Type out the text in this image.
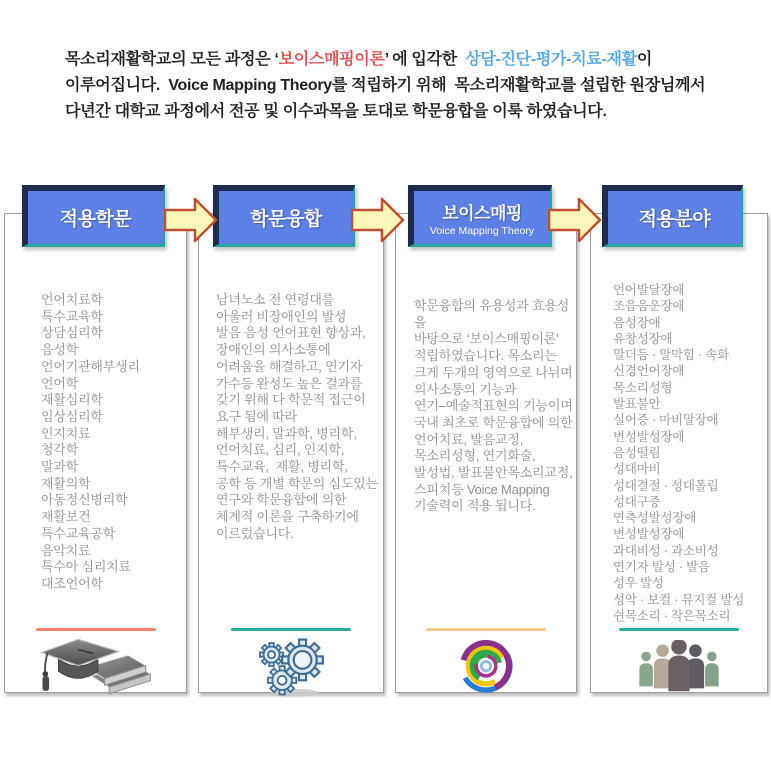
목소리재활학교의 모든 과정은 ‘보이스매핑이론’ 에 입각한  상담-진단-평가-치료-재활이
이루어집니다.  Voice Mapping Theory를 적립하기 위해  목소리재활학교를 설립한 원장님께서
다년간 대학교 과정에서 전공 및 이수과목을 토대로 학문융합을 이룩 하였습니다.
언어치료학
특수교육학
상담심리학
음성학
언어기관해부생리
언어학
재활심리학
임상심리학
인지치료
청각학
말과학
재활의학
아동정신병리학
재활보건
특수교육공학
음악치료
특수아 심리치료
대조언어학
남녀노소 전 연령대를
아울러 비장애인의 발성
발음 음성 언어표현 향상과,
장애인의 의사소통에
어려움을 해결하고, 연기자
가수등 완성도 높은 결과를
갖기 위해 다 학문적 접근이
요구 됨에 따라
해부생리, 말과학, 병리학,
언어치료, 심리, 인지학,
특수교육,  재활, 병리학,
공학 등 개별 학문의 심도있는
연구와 학문융합에 의한
체계적 이론을 구축하기에
이르렀습니다.
학문융합의 유용성과 효용성을
바탕으로 ‘보이스매핑이론’
적립하였습니다. 목소리는
크게 두개의 영역으로 나뉘며
의사소통의 기능과
연기–예술적표현의 기능이며
국내 최초로 학문융합에 의한
언어치료, 발음교정,
목소리성형, 연기화술,
발성법, 발표불안목소리교정,
스피치등 Voice Mapping
기술력이 적용 됩니다.
언어발달장애
조음음운장애
음성장애
유창성장애
말더듬 · 말막힘 · 속화
신경언어장애
목소리성형
발표불안
실어증 · 마비말장애
변성발성장애
음성떨림
성대마비
성대결절 · 성대폴립
성대구증
연축성발성장애
변성발성장애
과대비성 · 과소비성
연기자 발성 · 발음
성우 발성
성악 · 보컬 · 뮤지컬 발성
쉰목소리 · 작은목소리
적용학문	학문융합	보이스매핑
Voice Mapping Theory
적용분야
